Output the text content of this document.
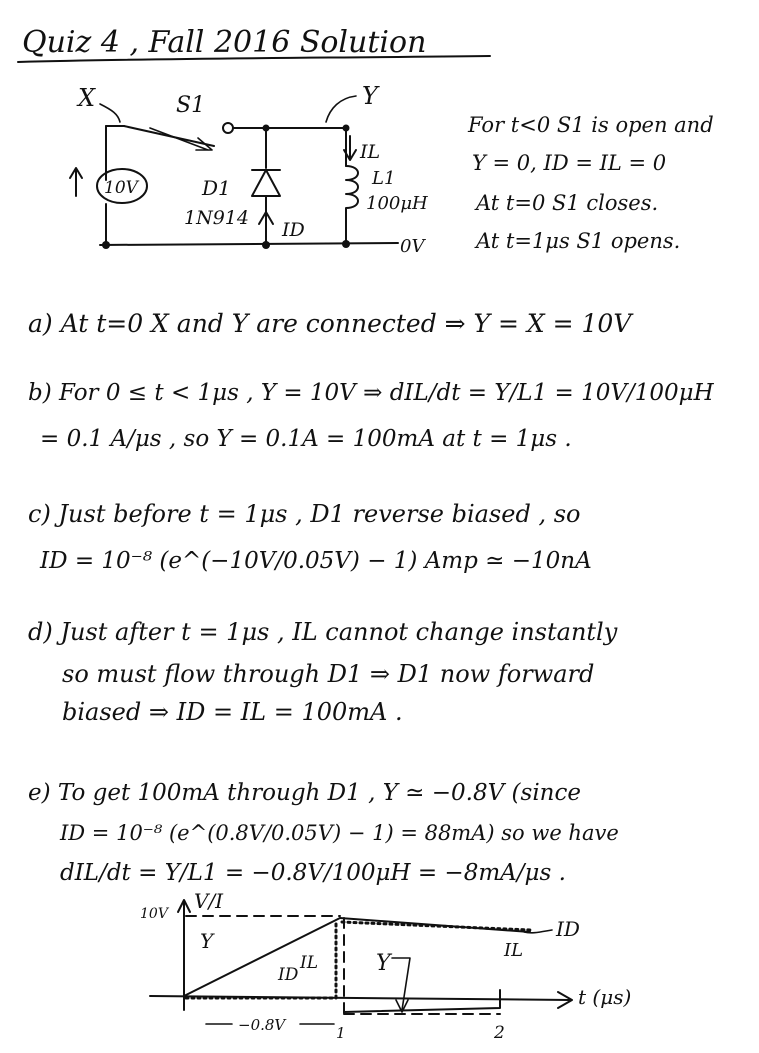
Quiz 4 , Fall 2016 Solution
10V	D1
1N914
ID
IL
L1
100μH
X	S1	Y
0V
For t<0 S1 is open and
Y = 0, ID = IL = 0
At t=0 S1 closes.
At t=1μs S1 opens.
a) At t=0 X and Y are connected ⇒ Y = X = 10V
b) For 0 ≤ t < 1μs , Y = 10V ⇒ dIL/dt = Y/L1 = 10V/100μH
= 0.1 A/μs , so Y = 0.1A = 100mA at t = 1μs .
c) Just before t = 1μs , D1 reverse biased , so
ID = 10⁻⁸ (e^(−10V/0.05V) − 1) Amp ≃ −10nA
d) Just after t = 1μs , IL cannot change instantly
so must flow through D1 ⇒ D1 now forward
biased ⇒ ID = IL = 100mA .
e) To get 100mA through D1 , Y ≃ −0.8V (since
ID = 10⁻⁸ (e^(0.8V/0.05V) − 1) = 88mA) so we have
dIL/dt = Y/L1 = −0.8V/100μH = −8mA/μs .
V/I
10V
−0.8V
Y
Y
IL
ID
IL
ID
1	2
t (μs)
